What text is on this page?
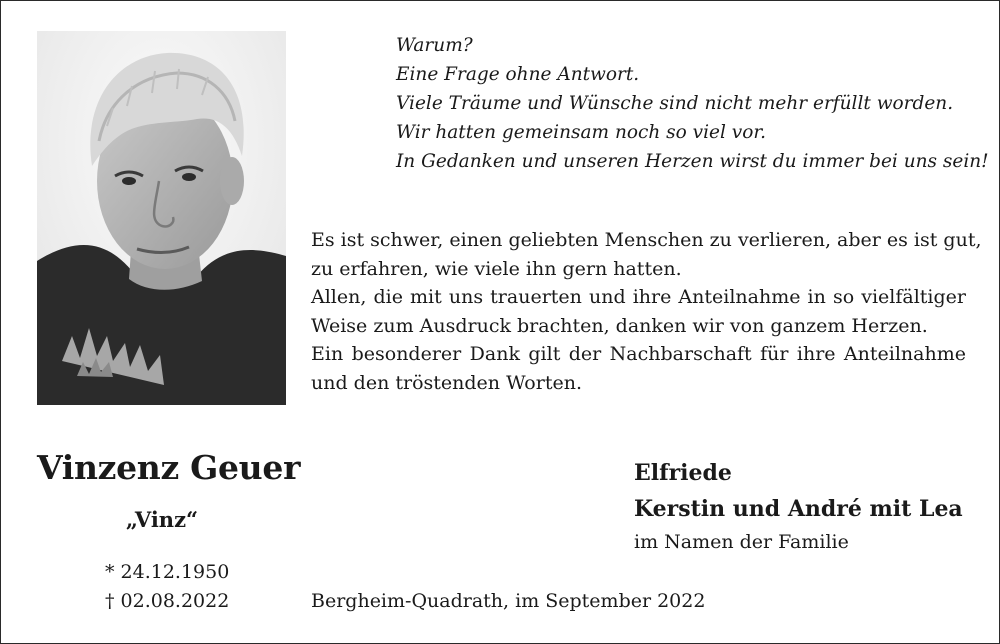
Warum?
Eine Frage ohne Antwort.
Viele Träume und Wünsche sind nicht mehr erfüllt worden.
Wir hatten gemeinsam noch so viel vor.
In Gedanken und unseren Herzen wirst du immer bei uns sein!
Es ist schwer, einen geliebten Menschen zu verlieren, aber es ist gut,
zu erfahren, wie viele ihn gern hatten.
Allen, die mit uns trauerten und ihre Anteilnahme in so vielfältiger
Weise zum Ausdruck brachten, danken wir von ganzem Herzen.
Ein besonderer Dank gilt der Nachbarschaft für ihre Anteilnahme
und den tröstenden Worten.
Vinzenz Geuer
„Vinz“
* 24.12.1950
† 02.08.2022	Bergheim-Quadrath, im September 2022
Elfriede
Kerstin und André mit Lea
im Namen der Familie
